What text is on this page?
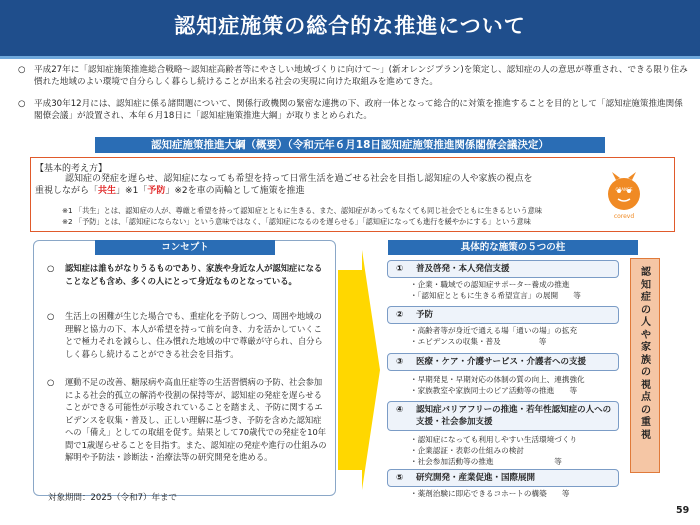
認知症施策の総合的な推進について
○ 平成27年に「認知症施策推進総合戦略～認知症高齢者等にやさしい地域づくりに向けて～」(新オレンジプラン)を策定し、認知症の人の意思が尊重され、できる限り住み慣れた地域のよい環境で自分らしく暮らし続けることが出来る社会の実現に向けた取組みを進めてきた。
○ 平成30年12月には、認知症に係る諸問題について、関係行政機関の緊密な連携の下、政府一体となって総合的に対策を推進することを目的として「認知症施策推進関係閣僚会議」が設置され、本年６月18日に「認知症施策推進大綱」が取りまとめられた。
認知症施策推進大綱（概要）（令和元年６月18日認知症施策推進関係閣僚会議決定）
【基本的考え方】
認知症の発症を遅らせ、認知症になっても希望を持って日常生活を過ごせる社会を目指し認知症の人や家族の視点を
重視しながら「共生」※1「予防」※2を車の両輪として施策を推進
※1 「共生」とは、認知症の人が、尊厳と希望を持って認知症とともに生きる、また、認知症があってもなくても同じ社会でともに生きるという意味
※2 「予防」とは、「認知症にならない」という意味ではなく、「認知症になるのを遅らせる」「認知症になっても進行を緩やかにする」という意味
ORANGE
cоrevd
コンセプト	具体的な施策の５つの柱
○	認知症は誰もがなりうるものであり、家族や身近な人が認知症になることなども含め、多くの人にとって身近なものとなっている。
○	生活上の困難が生じた場合でも、重症化を予防しつつ、周囲や地域の理解と協力の下、本人が希望を持って前を向き、力を活かしていくことで極力それを減らし、住み慣れた地域の中で尊厳が守られ、自分らしく暮らし続けることができる社会を目指す。
○	運動不足の改善、糖尿病や高血圧症等の生活習慣病の予防、社会参加による社会的孤立の解消や役割の保持等が、認知症の発症を遅らせることができる可能性が示唆されていることを踏まえ、予防に関するエビデンスを収集・普及し、正しい理解に基づき、予防を含めた認知症への「備え」としての取組を促す。結果として70歳代での発症を10年間で1歳遅らせることを目指す。また、認知症の発症や進行の仕組みの解明や予防法・診断法・治療法等の研究開発を進める。
① 普及啓発・本人発信支援
・企業・職域での認知症サポーター養成の推進
・「認知症とともに生きる希望宣言」の展開　　等
② 予防
・高齢者等が身近で通える場「通いの場」の拡充
・エビデンスの収集・普及　　　　　等
③ 医療・ケア・介護サービス・介護者への支援
・早期発見・早期対応の体制の質の向上、連携強化
・家族教室や家族同士のピア活動等の推進　　等
④	認知症バリアフリーの推進・若年性認知症の人への支援・社会参加支援
・認知症になっても利用しやすい生活環境づくり
・企業認証・表彰の仕組みの検討
・社会参加活動等の推進　　　　　　　　等
⑤ 研究開発・産業促進・国際展開
・薬剤治験に即応できるコホートの構築　　等
認
知
症
の
人
や
家
族
の
視
点
の
重
視
対象期間：2025（令和7）年まで
59
